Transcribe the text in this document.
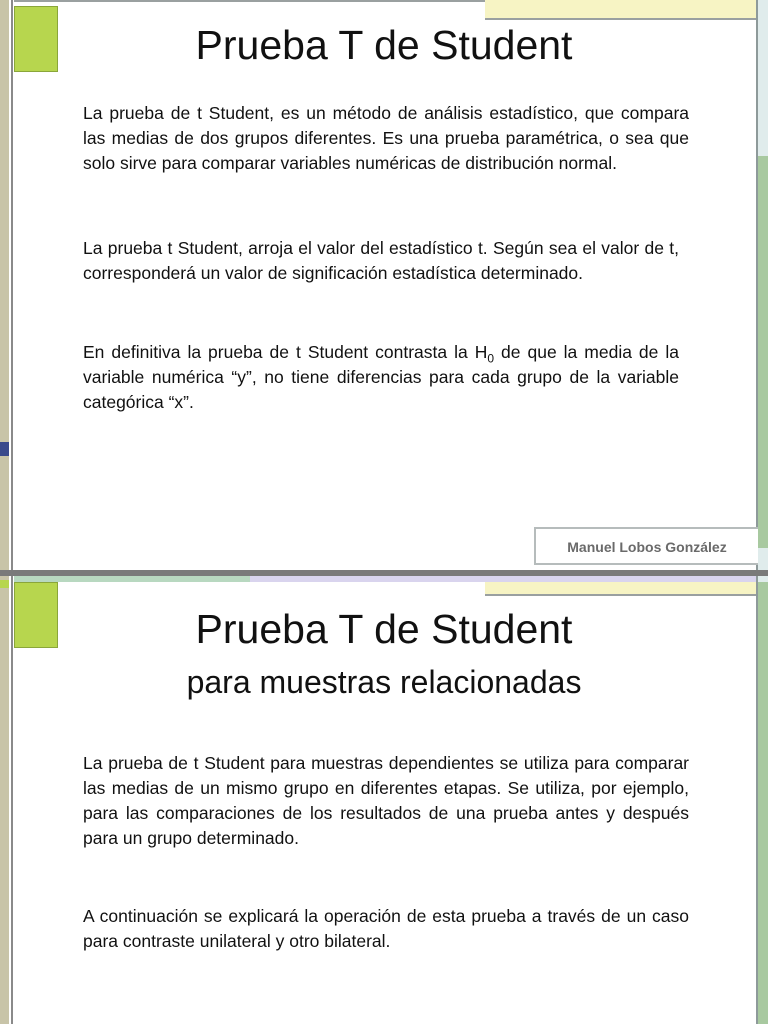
Prueba T de Student

La prueba de t Student, es un método de análisis estadístico, que compara las medias de dos grupos diferentes. Es una prueba paramétrica, o sea que solo sirve para comparar variables numéricas de distribución normal.

La prueba t Student, arroja el valor del estadístico t. Según sea el valor de t, corresponderá un valor de significación estadística determinado.

En definitiva la prueba de t Student contrasta la $H_0$ de que la media de la variable numérica “y”, no tiene diferencias para cada grupo de la variable categórica “x”.

Manuel Lobos González
Prueba T de Student
para muestras relacionadas

La prueba de t Student para muestras dependientes se utiliza para comparar las medias de un mismo grupo en diferentes etapas. Se utiliza, por ejemplo, para las comparaciones de los resultados de una prueba antes y después para un grupo determinado.

A continuación se explicará la operación de esta prueba a través de un caso para contraste unilateral y otro bilateral.
